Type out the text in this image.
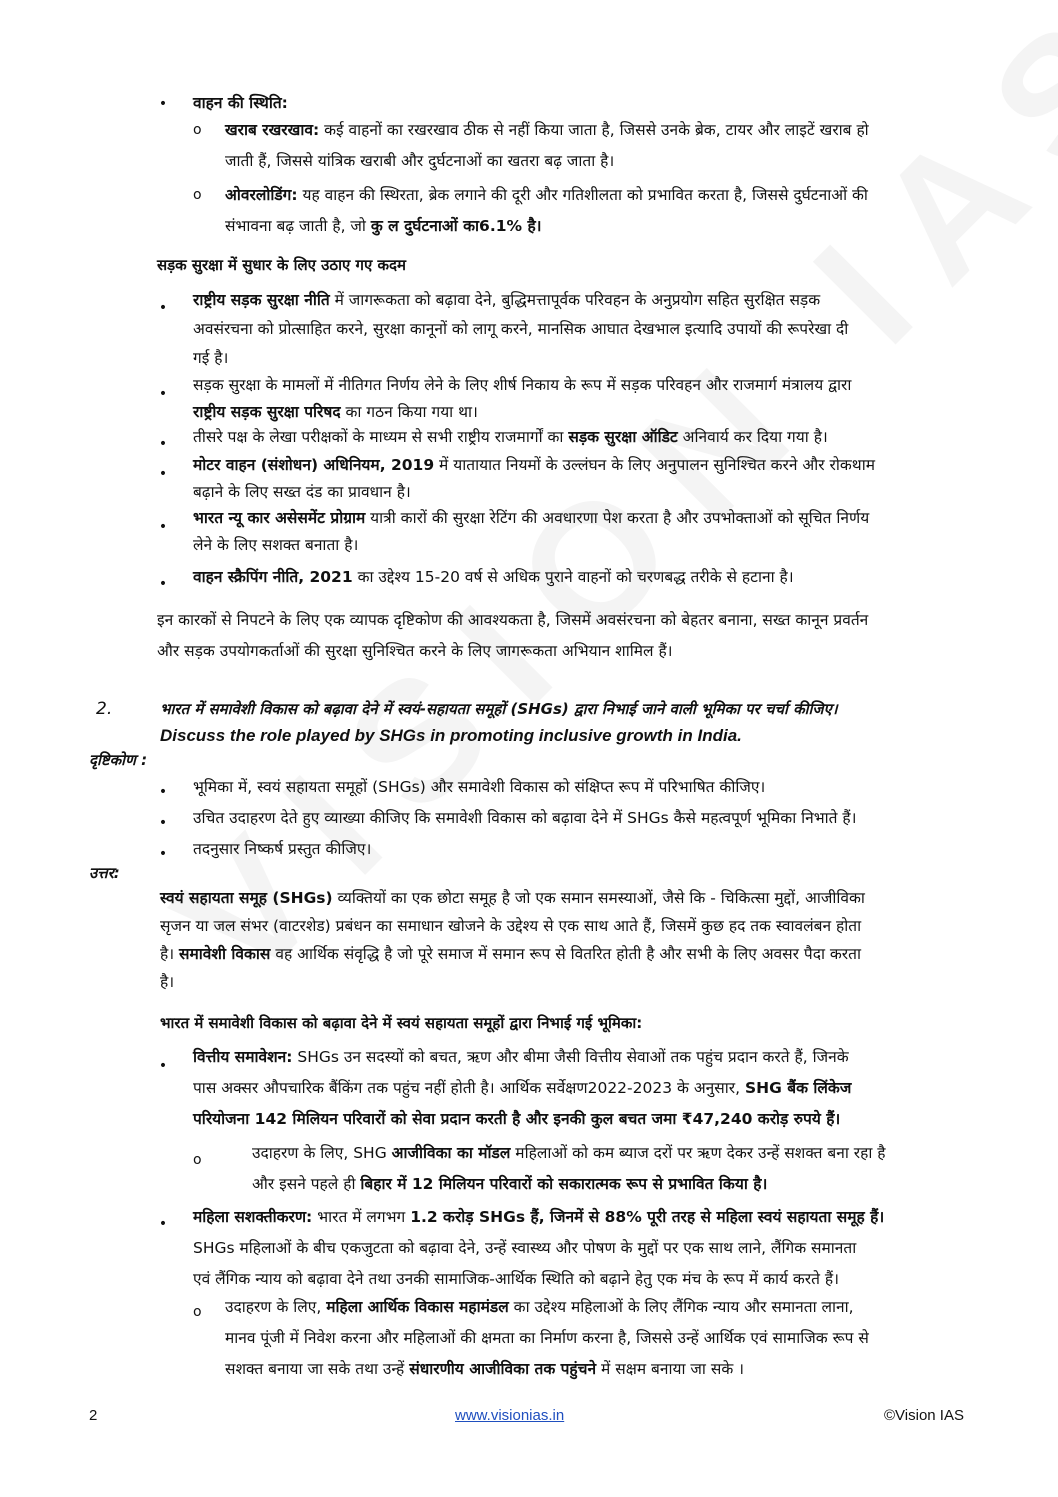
• वाहन की स्थिति:
o खराब रखरखाव: कई वाहनों का रखरखाव ठीक से नहीं किया जाता है, जिससे उनके ब्रेक, टायर और लाइटें खराब हो
जाती हैं, जिससे यांत्रिक खराबी और दुर्घटनाओं का खतरा बढ़ जाता है।
o ओवरलोडिंग: यह वाहन की स्थिरता, ब्रेक लगाने की दूरी और गतिशीलता को प्रभावित करता है, जिससे दुर्घटनाओं की
संभावना बढ़ जाती है, जो कु ल दुर्घटनाओं का6.1% है।
सड़क सुरक्षा में सुधार के लिए उठाए गए कदम
• राष्ट्रीय सड़क सुरक्षा नीति में जागरूकता को बढ़ावा देने, बुद्धिमत्तापूर्वक परिवहन के अनुप्रयोग सहित सुरक्षित सड़क
अवसंरचना को प्रोत्साहित करने, सुरक्षा कानूनों को लागू करने, मानसिक आघात देखभाल इत्यादि उपायों की रूपरेखा दी
गई है।
• सड़क सुरक्षा के मामलों में नीतिगत निर्णय लेने के लिए शीर्ष निकाय के रूप में सड़क परिवहन और राजमार्ग मंत्रालय द्वारा
राष्ट्रीय सड़क सुरक्षा परिषद का गठन किया गया था।
• तीसरे पक्ष के लेखा परीक्षकों के माध्यम से सभी राष्ट्रीय राजमार्गों का सड़क सुरक्षा ऑडिट अनिवार्य कर दिया गया है।
• मोटर वाहन (संशोधन) अधिनियम, 2019 में यातायात नियमों के उल्लंघन के लिए अनुपालन सुनिश्चित करने और रोकथाम
बढ़ाने के लिए सख्त दंड का प्रावधान है।
• भारत न्यू कार असेसमेंट प्रोग्राम यात्री कारों की सुरक्षा रेटिंग की अवधारणा पेश करता है और उपभोक्ताओं को सूचित निर्णय
लेने के लिए सशक्त बनाता है।
• वाहन स्क्रैपिंग नीति, 2021 का उद्देश्य 15-20 वर्ष से अधिक पुराने वाहनों को चरणबद्ध तरीके से हटाना है।
इन कारकों से निपटने के लिए एक व्यापक दृष्टिकोण की आवश्यकता है, जिसमें अवसंरचना को बेहतर बनाना, सख्त कानून प्रवर्तन
और सड़क उपयोगकर्ताओं की सुरक्षा सुनिश्चित करने के लिए जागरूकता अभियान शामिल हैं।
2.	भारत में समावेशी विकास को बढ़ावा देने में स्वयं-सहायता समूहों (SHGs) द्वारा निभाई जाने वाली भूमिका पर चर्चा कीजिए।
Discuss the role played by SHGs in promoting inclusive growth in India.
दृष्टिकोण :
• भूमिका में, स्वयं सहायता समूहों (SHGs) और समावेशी विकास को संक्षिप्त रूप में परिभाषित कीजिए।
• उचित उदाहरण देते हुए व्याख्या कीजिए कि समावेशी विकास को बढ़ावा देने में SHGs कैसे महत्वपूर्ण भूमिका निभाते हैं।
• तदनुसार निष्कर्ष प्रस्तुत कीजिए।
उत्तर:
स्वयं सहायता समूह (SHGs) व्यक्तियों का एक छोटा समूह है जो एक समान समस्याओं, जैसे कि - चिकित्सा मुद्दों, आजीविका
सृजन या जल संभर (वाटरशेड) प्रबंधन का समाधान खोजने के उद्देश्य से एक साथ आते हैं, जिसमें कुछ हद तक स्वावलंबन होता
है। समावेशी विकास वह आर्थिक संवृद्धि है जो पूरे समाज में समान रूप से वितरित होती है और सभी के लिए अवसर पैदा करता
है।
भारत में समावेशी विकास को बढ़ावा देने में स्वयं सहायता समूहों द्वारा निभाई गई भूमिका:
• वित्तीय समावेशन: SHGs उन सदस्यों को बचत, ऋण और बीमा जैसी वित्तीय सेवाओं तक पहुंच प्रदान करते हैं, जिनके
पास अक्सर औपचारिक बैंकिंग तक पहुंच नहीं होती है। आर्थिक सर्वेक्षण2022-2023 के अनुसार, SHG बैंक लिंकेज
परियोजना 142 मिलियन परिवारों को सेवा प्रदान करती है और इनकी कुल बचत जमा ₹47,240 करोड़ रुपये हैं।
o	उदाहरण के लिए, SHG आजीविका का मॉडल महिलाओं को कम ब्याज दरों पर ऋण देकर उन्हें सशक्त बना रहा है
और इसने पहले ही बिहार में 12 मिलियन परिवारों को सकारात्मक रूप से प्रभावित किया है।
• महिला सशक्तीकरण: भारत में लगभग 1.2 करोड़ SHGs हैं, जिनमें से 88% पूरी तरह से महिला स्वयं सहायता समूह हैं।
SHGs महिलाओं के बीच एकजुटता को बढ़ावा देने, उन्हें स्वास्थ्य और पोषण के मुद्दों पर एक साथ लाने, लैंगिक समानता
एवं लैंगिक न्याय को बढ़ावा देने तथा उनकी सामाजिक-आर्थिक स्थिति को बढ़ाने हेतु एक मंच के रूप में कार्य करते हैं।
o उदाहरण के लिए, महिला आर्थिक विकास महामंडल का उद्देश्य महिलाओं के लिए लैंगिक न्याय और समानता लाना,
मानव पूंजी में निवेश करना और महिलाओं की क्षमता का निर्माण करना है, जिससे उन्हें आर्थिक एवं सामाजिक रूप से
सशक्त बनाया जा सके तथा उन्हें संधारणीय आजीविका तक पहुंचने में सक्षम बनाया जा सके ।
2	www.visionias.in	©Vision IAS
